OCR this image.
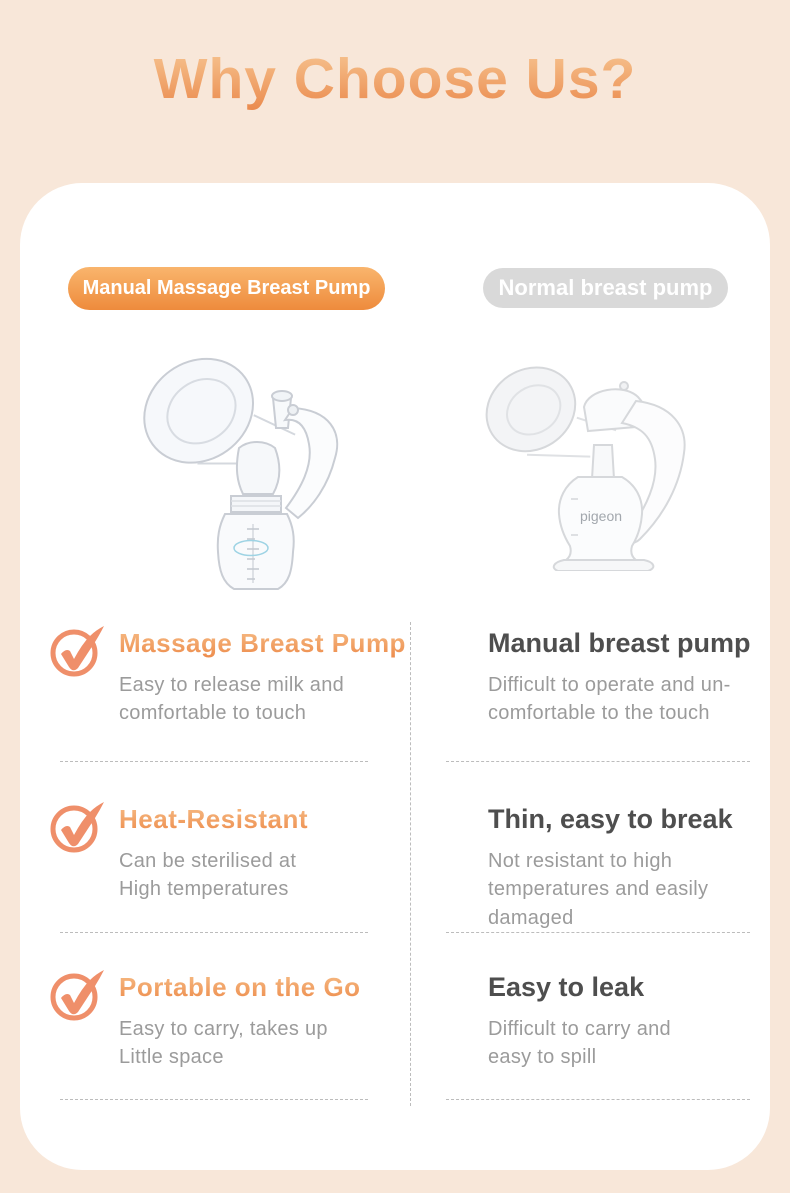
Why Choose Us?
Manual Massage Breast Pump	Normal breast pump
pigeon
Massage Breast Pump
Easy to release milk and
comfortable to touch
Manual breast pump
Difficult to operate and un-
comfortable to the touch
Heat-Resistant
Can be sterilised at
High temperatures
Thin, easy to break
Not resistant to high
temperatures and easily
damaged
Portable on the Go
Easy to carry, takes up
Little space
Easy to leak
Difficult to carry and
easy to spill
